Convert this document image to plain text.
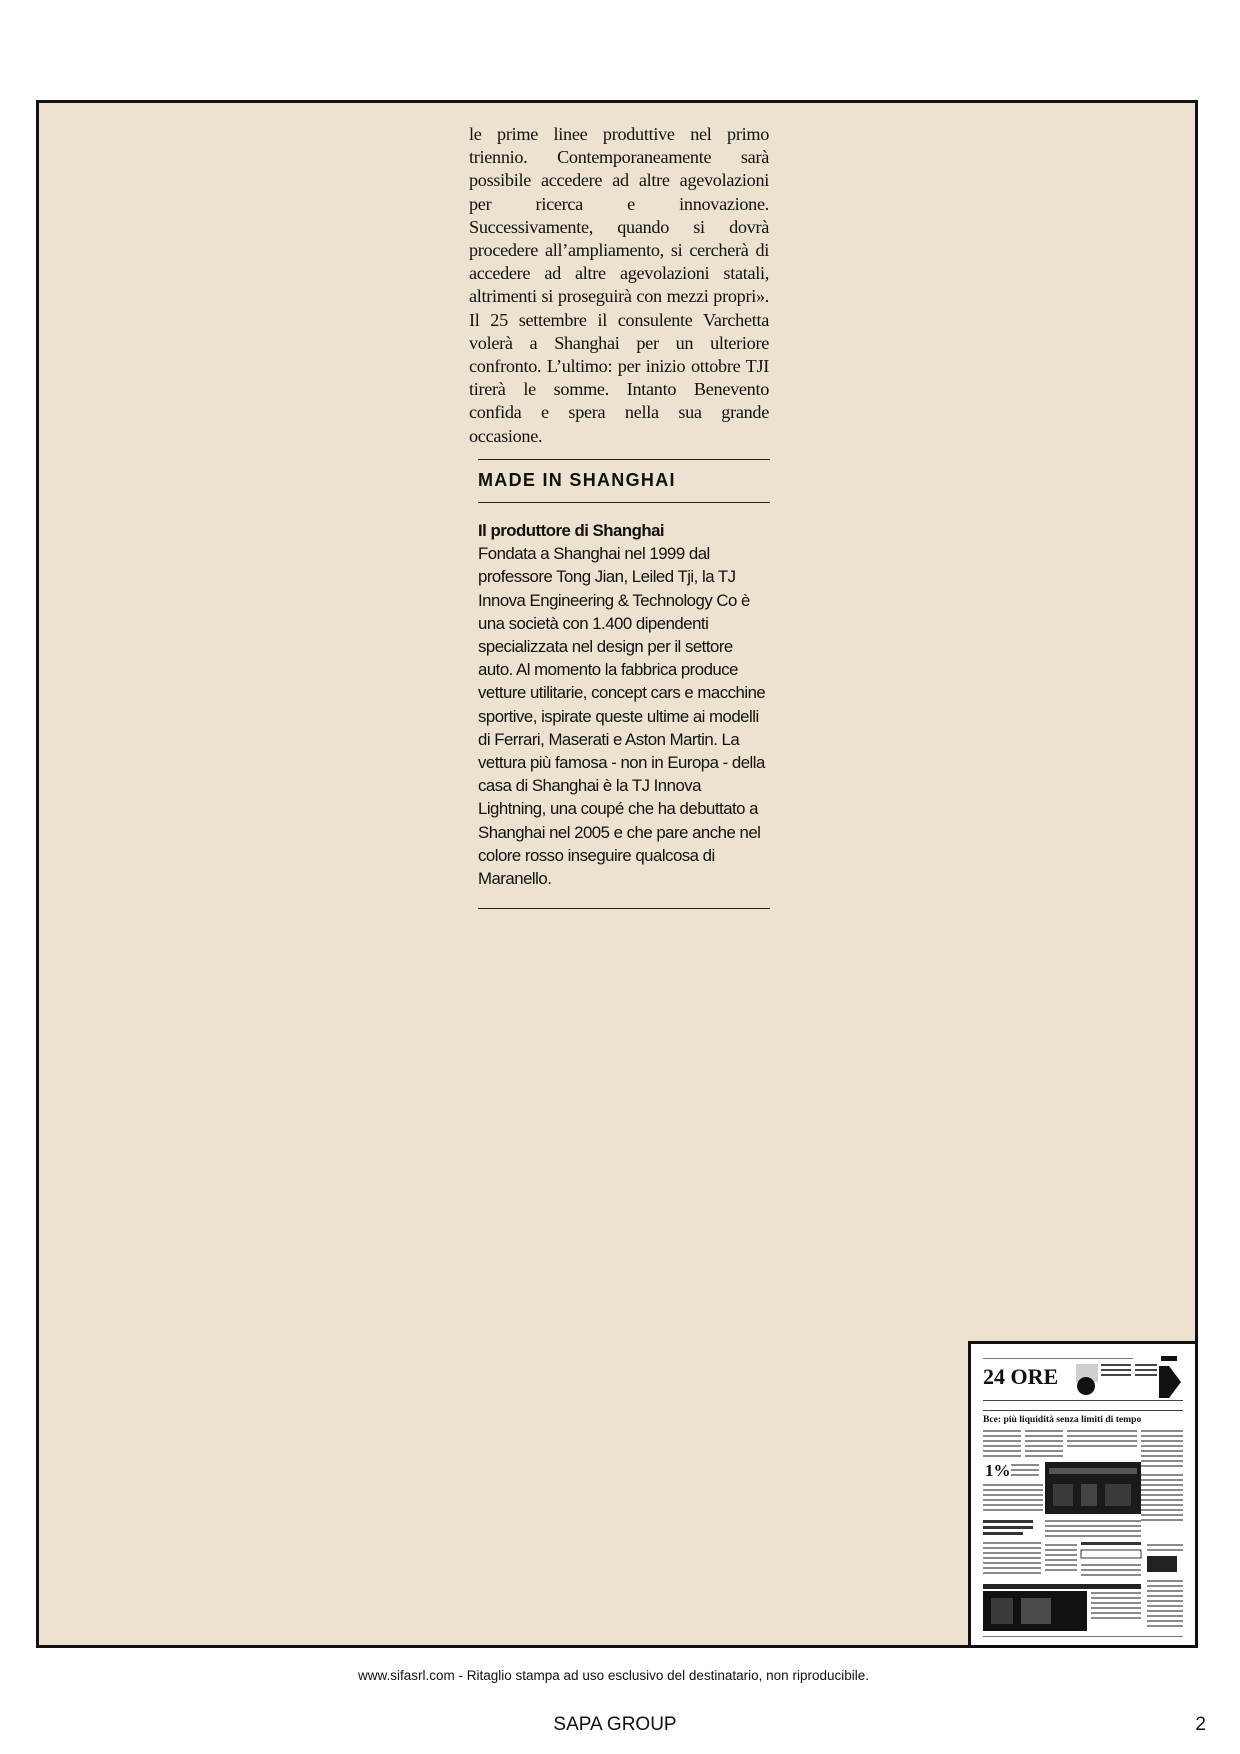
le prime linee produttive nel primo triennio. Contemporaneamente sarà possibile accedere ad altre agevolazioni per ricerca e innovazione. Successivamente, quando si dovrà procedere all’ampliamento, si cercherà di accedere ad altre agevolazioni statali, altrimenti si proseguirà con mezzi propri». Il 25 settembre il consulente Varchetta volerà a Shanghai per un ulteriore confronto. L’ultimo: per inizio ottobre TJI tirerà le somme. Intanto Benevento confida e spera nella sua grande occasione.

MADE IN SHANGHAI
Il produttore di Shanghai
Fondata a Shanghai nel 1999 dal professore Tong Jian, Leiled Tji, la TJ Innova Engineering & Technology Co è una società con 1.400 dipendenti specializzata nel design per il settore auto. Al momento la fabbrica produce vetture utilitarie, concept cars e macchine sportive, ispirate queste ultime ai modelli di Ferrari, Maserati e Aston Martin. La vettura più famosa - non in Europa - della casa di Shanghai è la TJ Innova Lightning, una coupé che ha debuttato a Shanghai nel 2005 e che pare anche nel colore rosso inseguire qualcosa di Maranello.
24 ORE
Bce: più liquidità senza limiti di tempo
1%
www.sifasrl.com - Ritaglio stampa ad uso esclusivo del destinatario, non riproducibile.
SAPA GROUP	2
